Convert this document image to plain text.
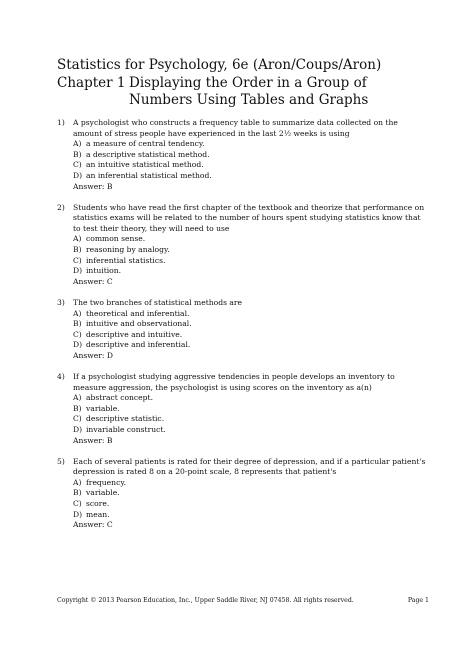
Statistics for Psychology, 6e (Aron/Coups/Aron)
Chapter 1 Displaying the Order in a Group of Numbers Using Tables and Graphs
1)	A psychologist who constructs a frequency table to summarize data collected on the amount of stress people have experienced in the last 2½ weeks is using
A) a measure of central tendency.
B) a descriptive statistical method.
C) an intuitive statistical method.
D) an inferential statistical method.
Answer: B
2)	Students who have read the first chapter of the textbook and theorize that performance on statistics exams will be related to the number of hours spent studying statistics know that to test their theory, they will need to use
A) common sense.
B) reasoning by analogy.
C) inferential statistics.
D) intuition.
Answer: C
3)	The two branches of statistical methods are
A) theoretical and inferential.
B) intuitive and observational.
C) descriptive and intuitive.
D) descriptive and inferential.
Answer: D
4)	If a psychologist studying aggressive tendencies in people develops an inventory to measure aggression, the psychologist is using scores on the inventory as a(n)
A) abstract concept.
B) variable.
C) descriptive statistic.
D) invariable construct.
Answer: B
5)	Each of several patients is rated for their degree of depression, and if a particular patient's depression is rated 8 on a 20-point scale, 8 represents that patient's
A) frequency.
B) variable.
C) score.
D) mean.
Answer: C
Copyright © 2013 Pearson Education, Inc., Upper Saddle River, NJ 07458. All rights reserved.	Page 1
